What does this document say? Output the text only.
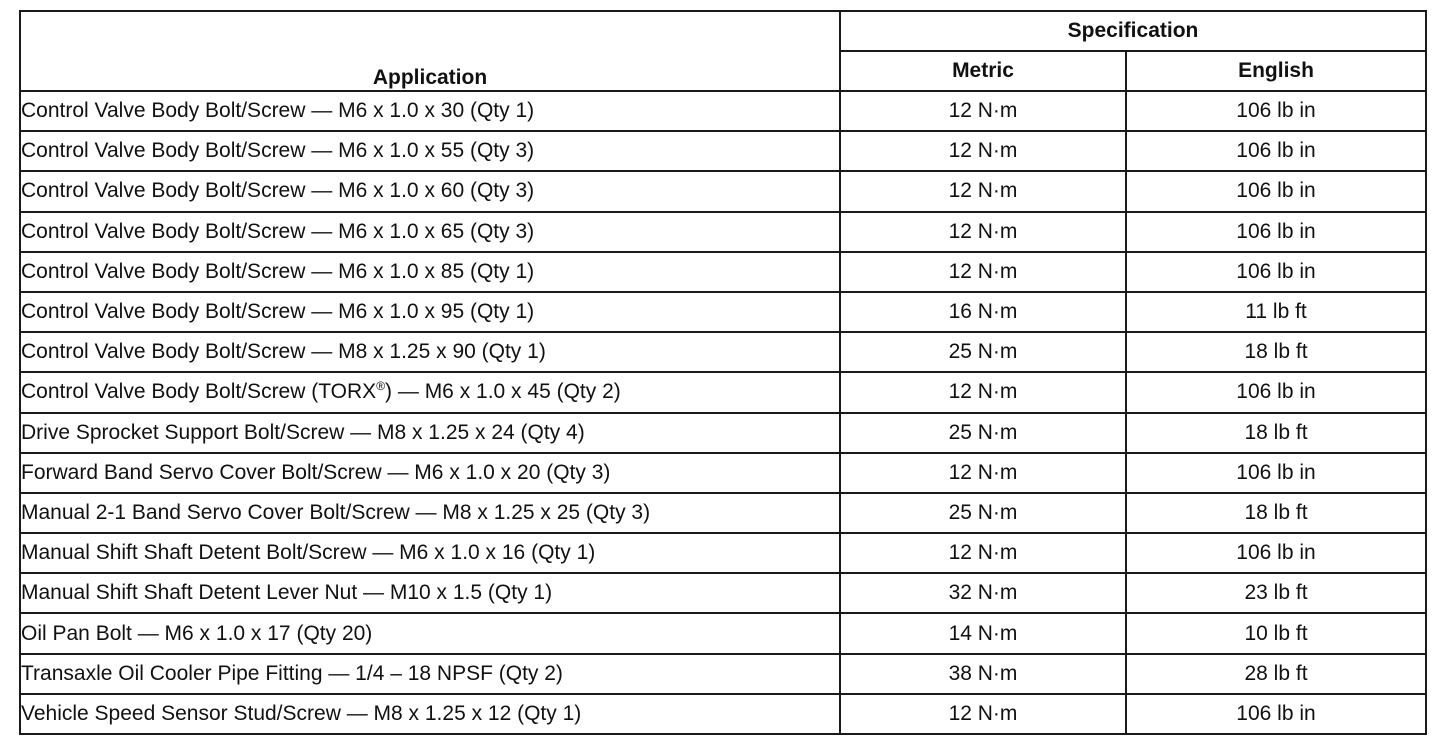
Application	Specification	
	Metric	English
Control Valve Body Bolt/Screw — M6 x 1.0 x 30 (Qty 1)	12 N·m	106 lb in
Control Valve Body Bolt/Screw — M6 x 1.0 x 55 (Qty 3)	12 N·m	106 lb in
Control Valve Body Bolt/Screw — M6 x 1.0 x 60 (Qty 3)	12 N·m	106 lb in
Control Valve Body Bolt/Screw — M6 x 1.0 x 65 (Qty 3)	12 N·m	106 lb in
Control Valve Body Bolt/Screw — M6 x 1.0 x 85 (Qty 1)	12 N·m	106 lb in
Control Valve Body Bolt/Screw — M6 x 1.0 x 95 (Qty 1)	16 N·m	11 lb ft
Control Valve Body Bolt/Screw — M8 x 1.25 x 90 (Qty 1)	25 N·m	18 lb ft
Control Valve Body Bolt/Screw (TORX®) — M6 x 1.0 x 45 (Qty 2)	12 N·m	106 lb in
Drive Sprocket Support Bolt/Screw — M8 x 1.25 x 24 (Qty 4)	25 N·m	18 lb ft
Forward Band Servo Cover Bolt/Screw — M6 x 1.0 x 20 (Qty 3)	12 N·m	106 lb in
Manual 2-1 Band Servo Cover Bolt/Screw — M8 x 1.25 x 25 (Qty 3)	25 N·m	18 lb ft
Manual Shift Shaft Detent Bolt/Screw — M6 x 1.0 x 16 (Qty 1)	12 N·m	106 lb in
Manual Shift Shaft Detent Lever Nut — M10 x 1.5 (Qty 1)	32 N·m	23 lb ft
Oil Pan Bolt — M6 x 1.0 x 17 (Qty 20)	14 N·m	10 lb ft
Transaxle Oil Cooler Pipe Fitting — 1/4 – 18 NPSF (Qty 2)	38 N·m	28 lb ft
Vehicle Speed Sensor Stud/Screw — M8 x 1.25 x 12 (Qty 1)	12 N·m	106 lb in
